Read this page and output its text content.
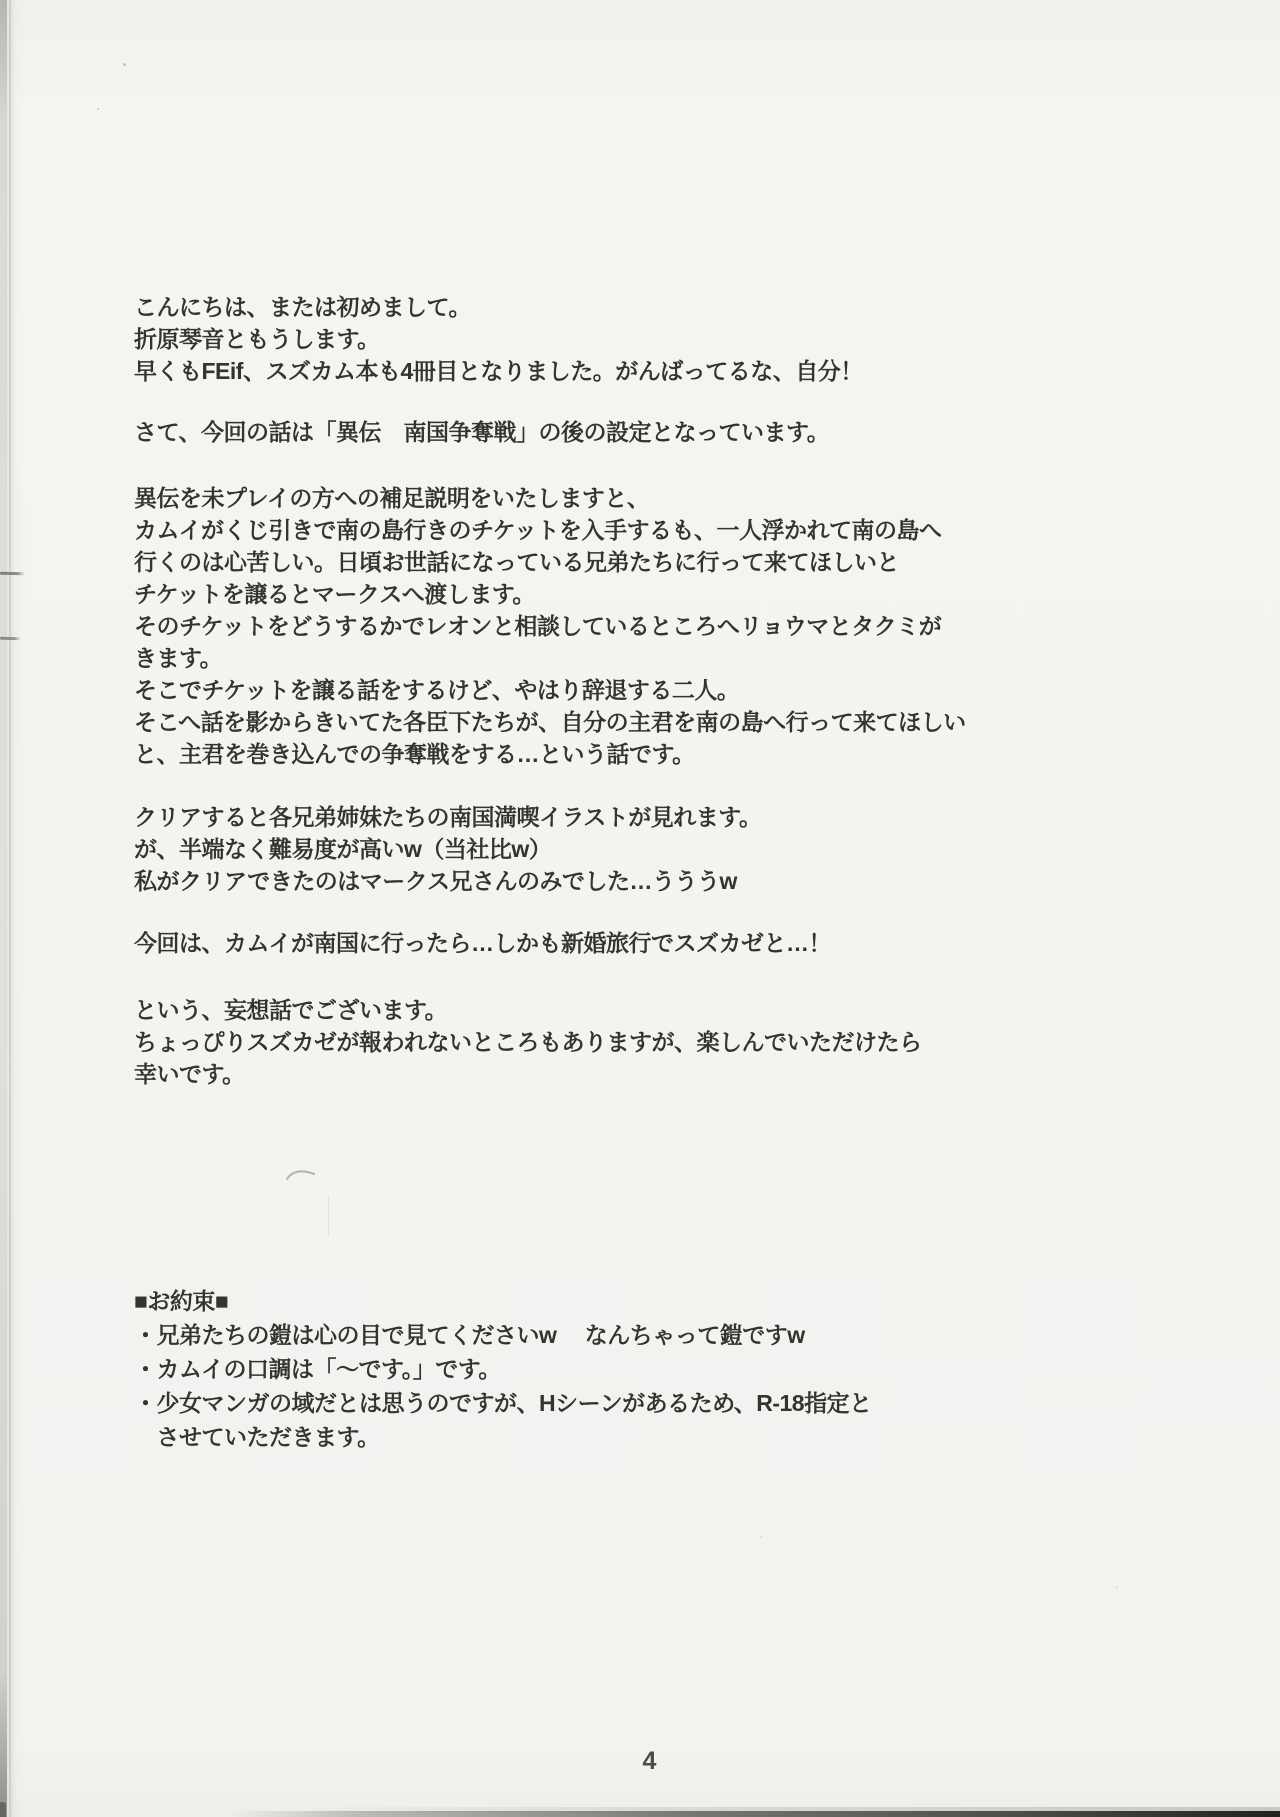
こんにちは、または初めまして。
折原琴音ともうします。
早くもFEif、スズカム本も4冊目となりました。がんばってるな、自分！
さて、今回の話は「異伝　南国争奪戦」の後の設定となっています。
異伝を未プレイの方への補足説明をいたしますと、
カムイがくじ引きで南の島行きのチケットを入手するも、一人浮かれて南の島へ
行くのは心苦しい。日頃お世話になっている兄弟たちに行って来てほしいと
チケットを譲るとマークスへ渡します。
そのチケットをどうするかでレオンと相談しているところへリョウマとタクミが
きます。
そこでチケットを譲る話をするけど、やはり辞退する二人。
そこへ話を影からきいてた各臣下たちが、自分の主君を南の島へ行って来てほしい
と、主君を巻き込んでの争奪戦をする…という話です。
クリアすると各兄弟姉妹たちの南国満喫イラストが見れます。
が、半端なく難易度が高いw（当社比w）
私がクリアできたのはマークス兄さんのみでした…うううw
今回は、カムイが南国に行ったら…しかも新婚旅行でスズカゼと…！
という、妄想話でございます。
ちょっぴりスズカゼが報われないところもありますが、楽しんでいただけたら
幸いです。
■お約束■
・兄弟たちの鎧は心の目で見てくださいw　 なんちゃって鎧ですw
・カムイの口調は「～です。」です。
・少女マンガの域だとは思うのですが、Hシーンがあるため、R-18指定と
　させていただきます。
4
